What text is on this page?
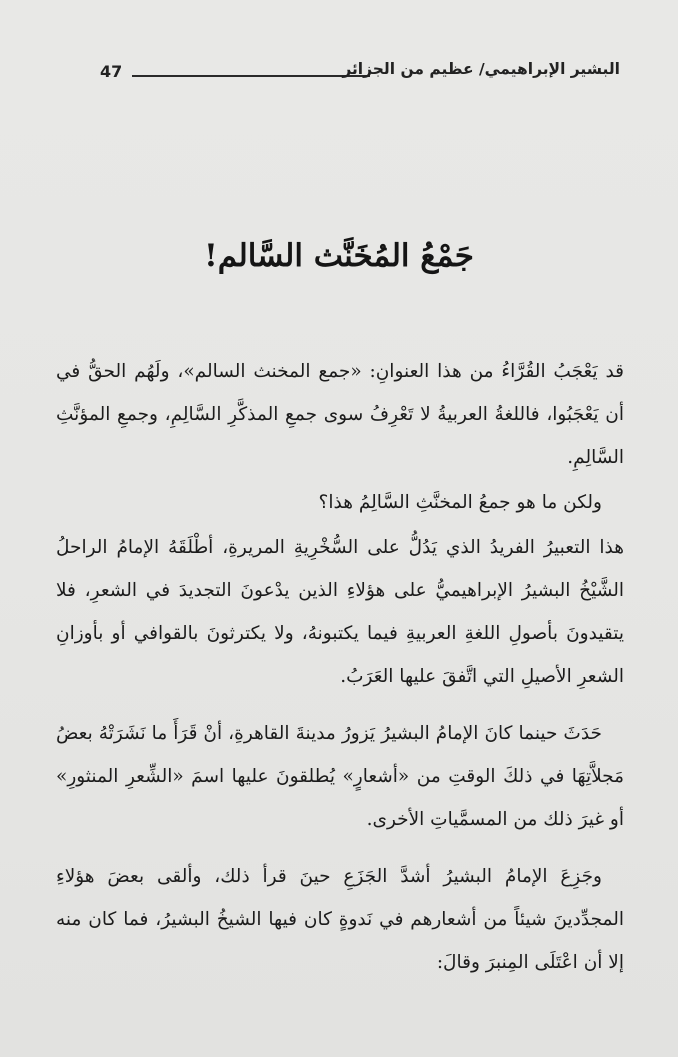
47	البشير الإبراهيمي/ عظيم من الجزائر
جَمْعُ المُخَنَّث السَّالم!

قد يَعْجَبُ القُرَّاءُ من هذا العنوانِ: «جمع المخنث السالم»، ولَهُم الحقُّ في أن يَعْجَبُوا، فاللغةُ العربيةُ لا تَعْرِفُ سوى جمعِ المذكَّرِ السَّالِمِ، وجمعِ المؤنَّثِ السَّالِمِ.

ولكن ما هو جمعُ المخنَّثِ السَّالِمُ هذا؟

هذا التعبيرُ الفريدُ الذي يَدُلُّ على السُّخْرِيةِ المريرةِ، أطْلَقَهُ الإمامُ الراحلُ الشَّيْخُ البشيرُ الإبراهيميُّ على هؤلاءِ الذين يدْعونَ التجديدَ في الشعرِ، فلا يتقيدونَ بأصولِ اللغةِ العربيةِ فيما يكتبونهُ، ولا يكترثونَ بالقوافي أو بأوزانِ الشعرِ الأصيلِ التي اتَّفقَ عليها العَرَبُ.

حَدَثَ حينما كانَ الإمامُ البشيرُ يَزورُ مدينةَ القاهرةِ، أنْ قَرَأَ ما نَشَرَتْهُ بعضُ مَجلاَّتِهَا في ذلكَ الوقتِ من «أشعارٍ» يُطلقونَ عليها اسمَ «الشِّعرِ المنثورِ» أو غيرَ ذلك من المسمَّياتِ الأخرى.

وجَزِعَ الإمامُ البشيرُ أشدَّ الجَزَعِ حينَ قرأ ذلك، وألقى بعضَ هؤلاءِ المجدِّدينَ شيئاً من أشعارهم في نَدوةٍ كان فيها الشيخُ البشيرُ، فما كان منه إلا أن اعْتَلَى المِنبرَ وقالَ:
